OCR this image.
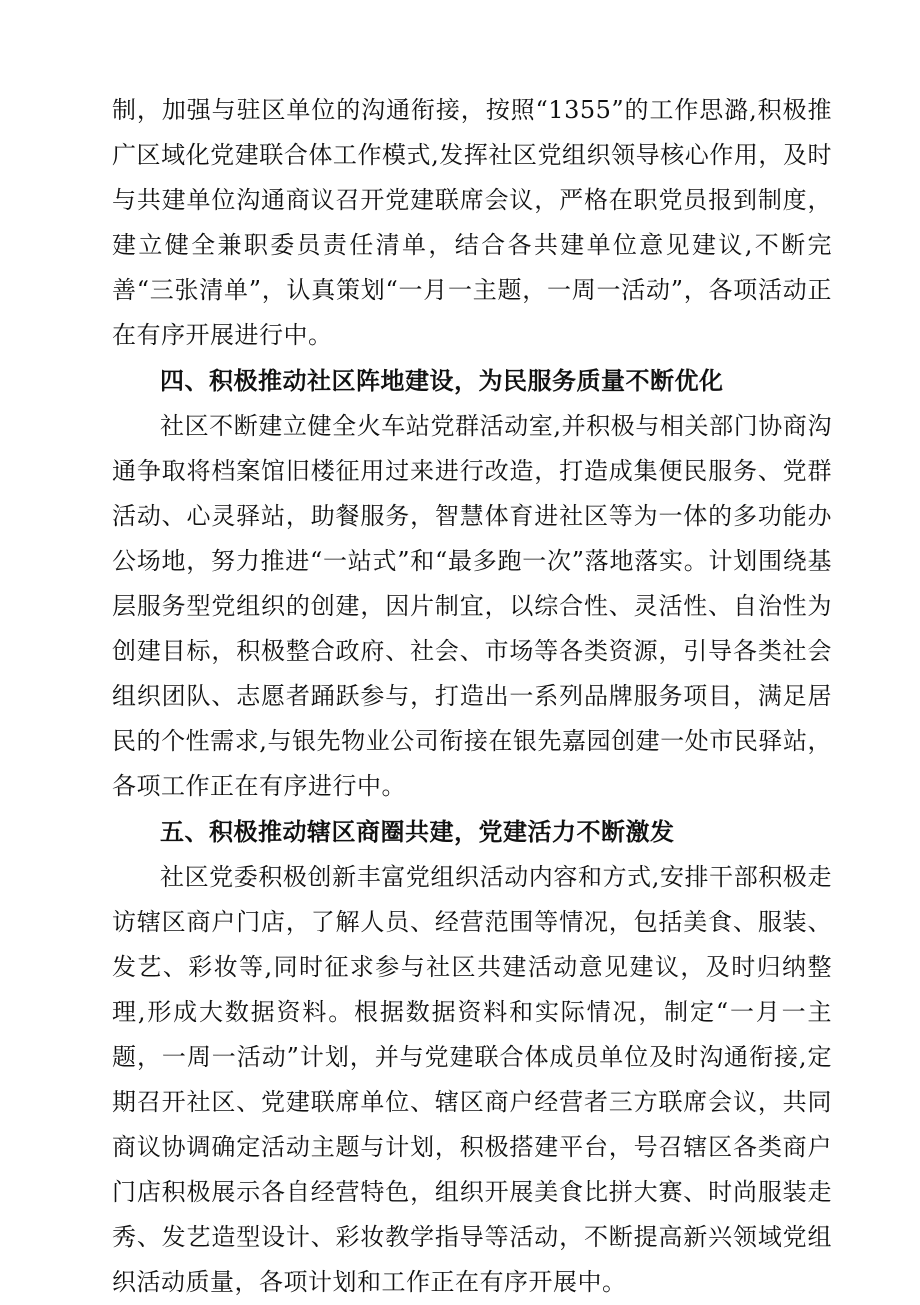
制，加强与驻区单位的沟通衔接，按照“1355”的工作思潞,积极推广区域化党建联合体工作模式,发挥社区党组织领导核心作用，及时与共建单位沟通商议召开党建联席会议，严格在职党员报到制度，建立健全兼职委员责任清单，结合各共建单位意见建议,不断完善“三张清单”，认真策划“一月一主题，一周一活动”，各项活动正在有序开展进行中。

四、积极推动社区阵地建设，为民服务质量不断优化

社区不断建立健全火车站党群活动室,并积极与相关部门协商沟通争取将档案馆旧楼征用过来进行改造，打造成集便民服务、党群活动、心灵驿站，助餐服务，智慧体育进社区等为一体的多功能办公场地，努力推进“一站式”和“最多跑一次”落地落实。计划围绕基层服务型党组织的创建，因片制宜，以综合性、灵活性、自治性为创建目标，积极整合政府、社会、市场等各类资源，引导各类社会组织团队、志愿者踊跃参与，打造出一系列品牌服务项目，满足居民的个性需求,与银先物业公司衔接在银先嘉园创建一处市民驿站，各项工作正在有序进行中。

五、积极推动辖区商圈共建，党建活力不断激发

社区党委积极创新丰富党组织活动内容和方式,安排干部积极走访辖区商户门店，了解人员、经营范围等情况，包括美食、服装、发艺、彩妆等,同时征求参与社区共建活动意见建议，及时归纳整理,形成大数据资料。根据数据资料和实际情况，制定“一月一主题，一周一活动”计划，并与党建联合体成员单位及时沟通衔接,定期召开社区、党建联席单位、辖区商户经营者三方联席会议，共同商议协调确定活动主题与计划，积极搭建平台，号召辖区各类商户门店积极展示各自经营特色，组织开展美食比拼大赛、时尚服装走秀、发艺造型设计、彩妆教学指导等活动，不断提高新兴领域党组织活动质量，各项计划和工作正在有序开展中。
